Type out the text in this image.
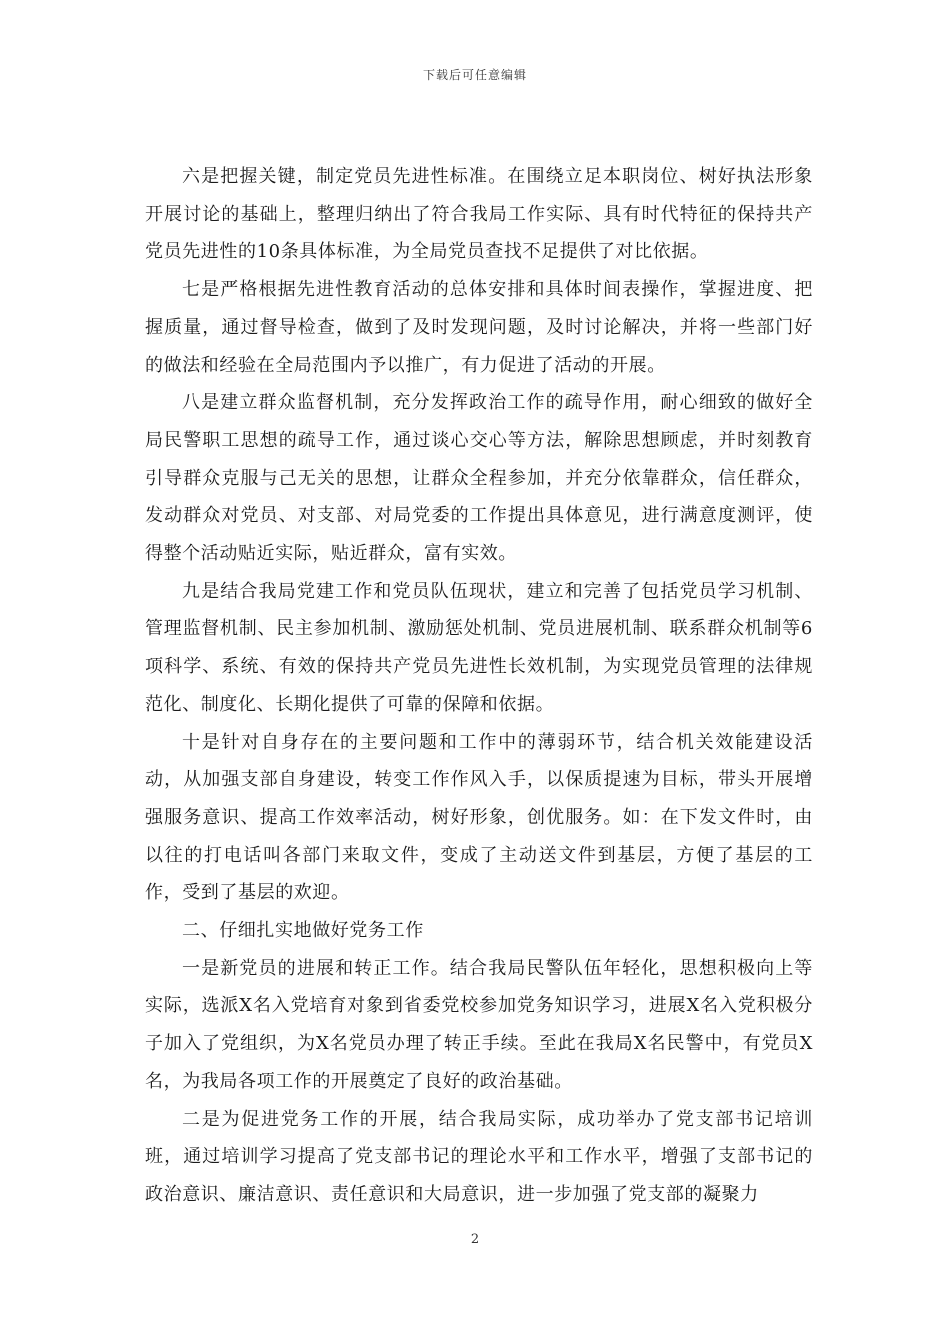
下载后可任意编辑

六是把握关键，制定党员先进性标准。在围绕立足本职岗位、树好执法形象开展讨论的基础上，整理归纳出了符合我局工作实际、具有时代特征的保持共产党员先进性的10条具体标准，为全局党员查找不足提供了对比依据。

七是严格根据先进性教育活动的总体安排和具体时间表操作，掌握进度、把握质量，通过督导检查，做到了及时发现问题，及时讨论解决，并将一些部门好的做法和经验在全局范围内予以推广，有力促进了活动的开展。

八是建立群众监督机制，充分发挥政治工作的疏导作用，耐心细致的做好全局民警职工思想的疏导工作，通过谈心交心等方法，解除思想顾虑，并时刻教育引导群众克服与己无关的思想，让群众全程参加，并充分依靠群众，信任群众，发动群众对党员、对支部、对局党委的工作提出具体意见，进行满意度测评，使得整个活动贴近实际，贴近群众，富有实效。

九是结合我局党建工作和党员队伍现状，建立和完善了包括党员学习机制、管理监督机制、民主参加机制、激励惩处机制、党员进展机制、联系群众机制等6项科学、系统、有效的保持共产党员先进性长效机制，为实现党员管理的法律规范化、制度化、长期化提供了可靠的保障和依据。

十是针对自身存在的主要问题和工作中的薄弱环节，结合机关效能建设活动，从加强支部自身建设，转变工作作风入手，以保质提速为目标，带头开展增强服务意识、提高工作效率活动，树好形象，创优服务。如：在下发文件时，由以往的打电话叫各部门来取文件，变成了主动送文件到基层，方便了基层的工作，受到了基层的欢迎。

二、仔细扎实地做好党务工作

一是新党员的进展和转正工作。结合我局民警队伍年轻化，思想积极向上等实际，选派X名入党培育对象到省委党校参加党务知识学习，进展X名入党积极分子加入了党组织，为X名党员办理了转正手续。至此在我局X名民警中，有党员X名，为我局各项工作的开展奠定了良好的政治基础。

二是为促进党务工作的开展，结合我局实际，成功举办了党支部书记培训班，通过培训学习提高了党支部书记的理论水平和工作水平，增强了支部书记的政治意识、廉洁意识、责任意识和大局意识，进一步加强了党支部的凝聚力

2
